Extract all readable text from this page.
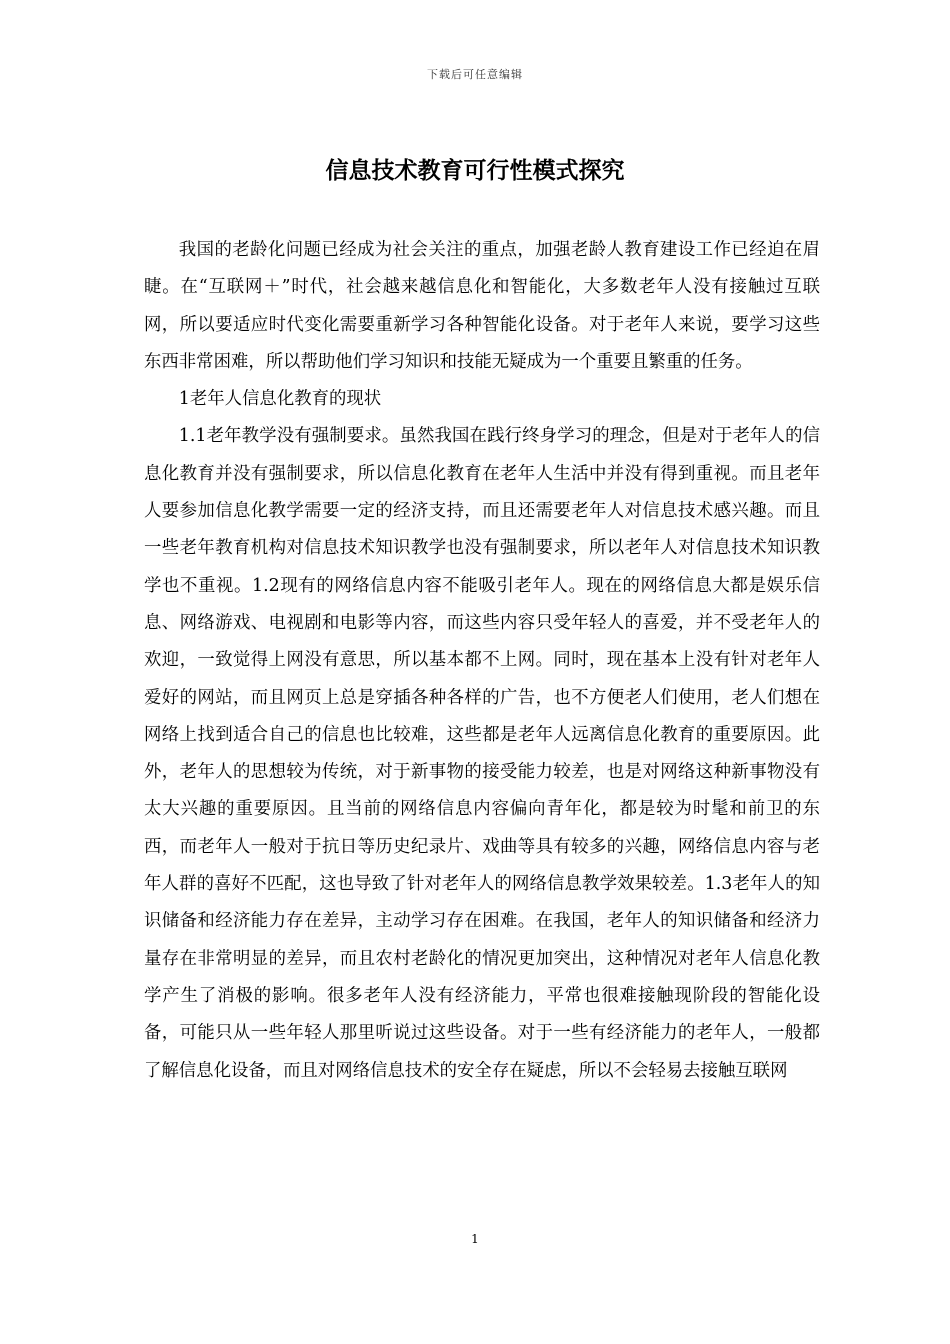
下载后可任意编辑
信息技术教育可行性模式探究

我国的老龄化问题已经成为社会关注的重点，加强老龄人教育建设工作已经迫在眉睫。在“互联网＋”时代，社会越来越信息化和智能化，大多数老年人没有接触过互联网，所以要适应时代变化需要重新学习各种智能化设备。对于老年人来说，要学习这些东西非常困难，所以帮助他们学习知识和技能无疑成为一个重要且繁重的任务。

1老年人信息化教育的现状

1.1老年教学没有强制要求。虽然我国在践行终身学习的理念，但是对于老年人的信息化教育并没有强制要求，所以信息化教育在老年人生活中并没有得到重视。而且老年人要参加信息化教学需要一定的经济支持，而且还需要老年人对信息技术感兴趣。而且一些老年教育机构对信息技术知识教学也没有强制要求，所以老年人对信息技术知识教学也不重视。1.2现有的网络信息内容不能吸引老年人。现在的网络信息大都是娱乐信息、网络游戏、电视剧和电影等内容，而这些内容只受年轻人的喜爱，并不受老年人的欢迎，一致觉得上网没有意思，所以基本都不上网。同时，现在基本上没有针对老年人爱好的网站，而且网页上总是穿插各种各样的广告，也不方便老人们使用，老人们想在网络上找到适合自己的信息也比较难，这些都是老年人远离信息化教育的重要原因。此外，老年人的思想较为传统，对于新事物的接受能力较差，也是对网络这种新事物没有太大兴趣的重要原因。且当前的网络信息内容偏向青年化，都是较为时髦和前卫的东西，而老年人一般对于抗日等历史纪录片、戏曲等具有较多的兴趣，网络信息内容与老年人群的喜好不匹配，这也导致了针对老年人的网络信息教学效果较差。1.3老年人的知识储备和经济能力存在差异，主动学习存在困难。在我国，老年人的知识储备和经济力量存在非常明显的差异，而且农村老龄化的情况更加突出，这种情况对老年人信息化教学产生了消极的影响。很多老年人没有经济能力，平常也很难接触现阶段的智能化设备，可能只从一些年轻人那里听说过这些设备。对于一些有经济能力的老年人，一般都了解信息化设备，而且对网络信息技术的安全存在疑虑，所以不会轻易去接触互联网

1
